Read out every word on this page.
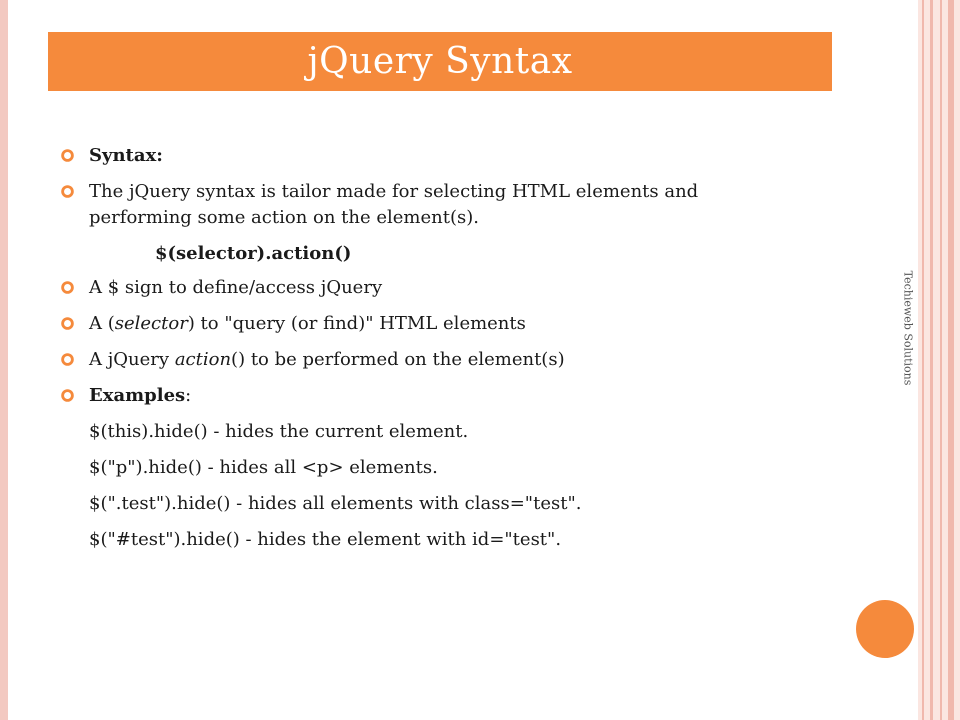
jQuery Syntax
Syntax:
The jQuery syntax is tailor made for selecting HTML elements and performing some action on the element(s).
$(selector).action()
A $ sign to define/access jQuery
A (selector) to "query (or find)" HTML elements
A jQuery action() to be performed on the element(s)
Examples:
$(this).hide() - hides the current element.
$("p").hide() - hides all <p> elements.
$(".test").hide() - hides all elements with class="test".
$("#test").hide() - hides the element with id="test".
Techieweb Solutions
